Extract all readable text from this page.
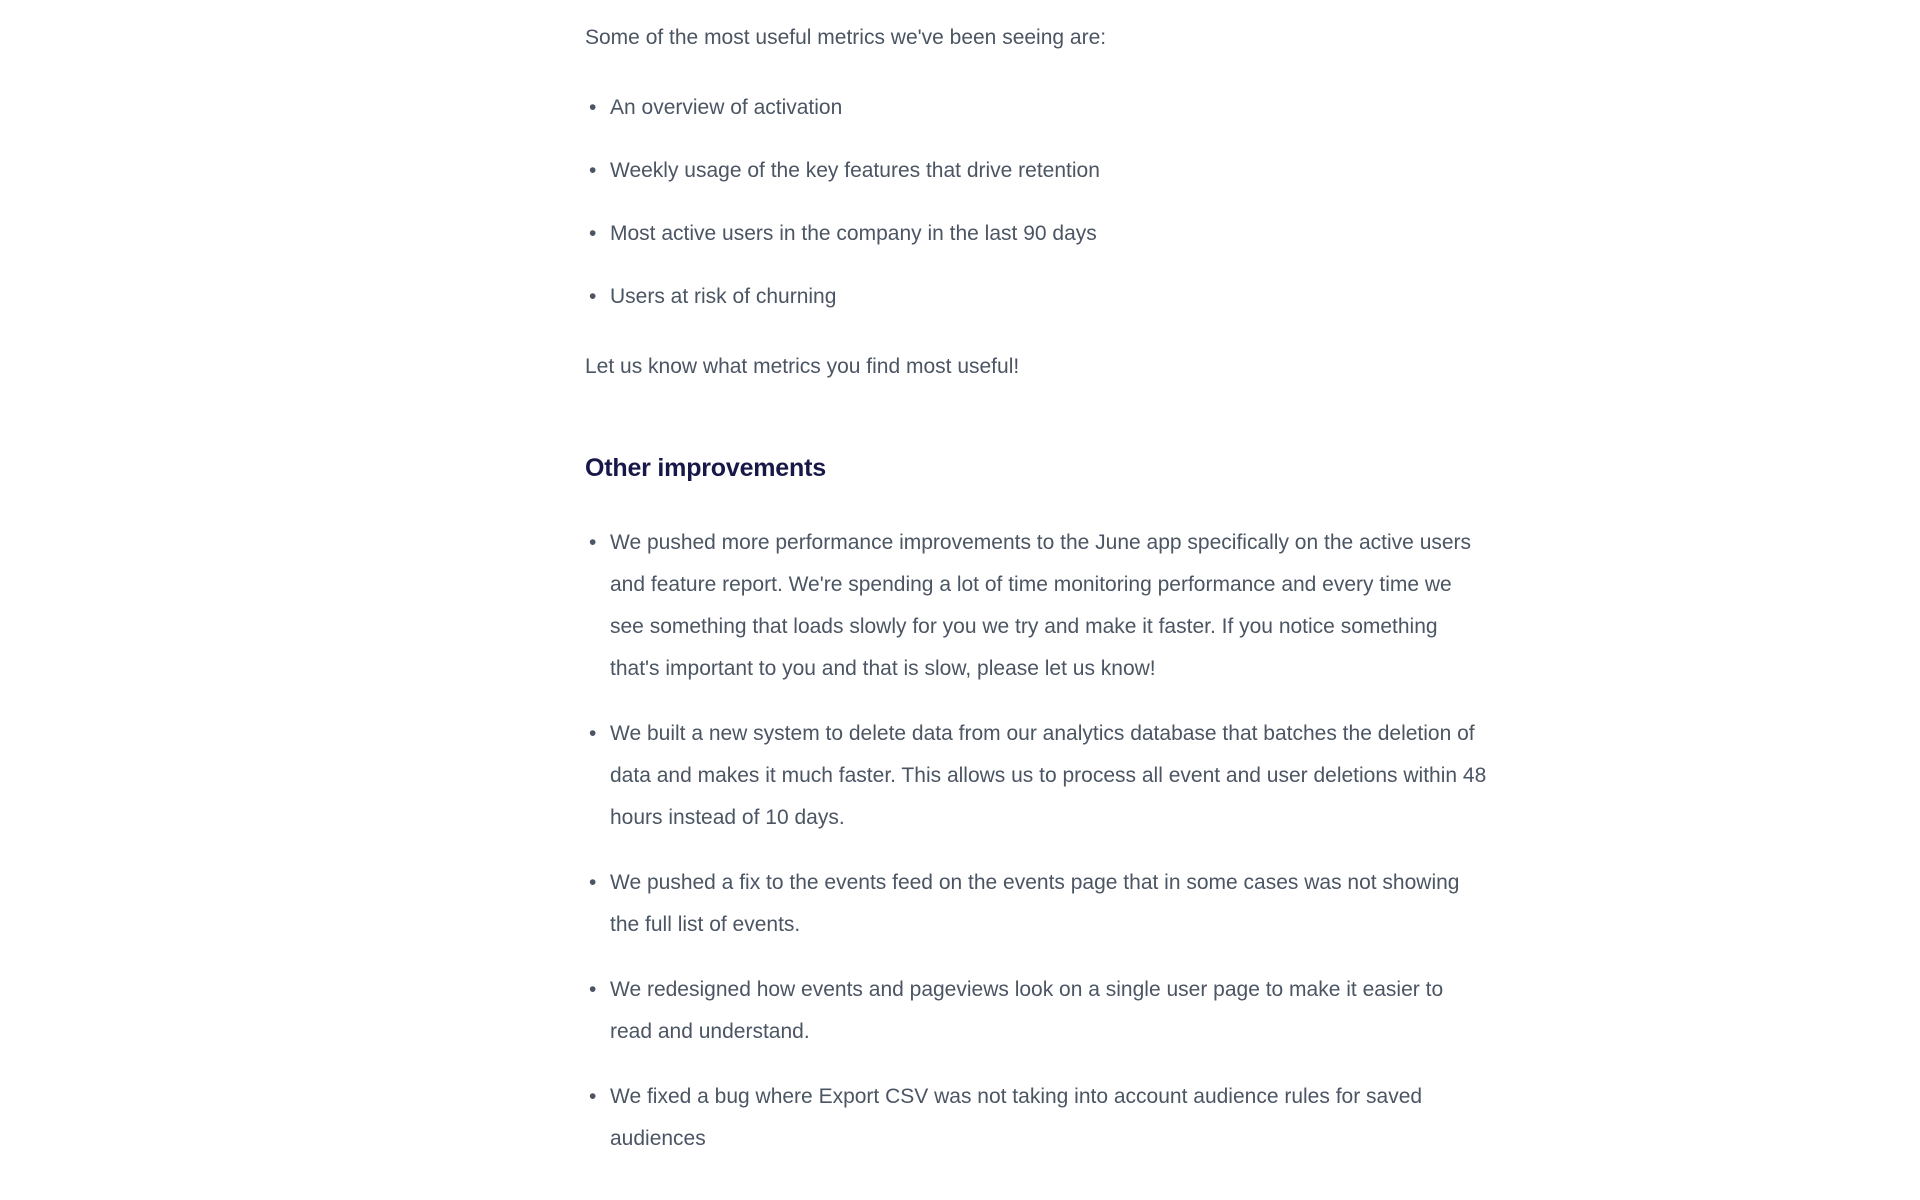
Some of the most useful metrics we've been seeing are:

• An overview of activation
• Weekly usage of the key features that drive retention
• Most active users in the company in the last 90 days
• Users at risk of churning

Let us know what metrics you find most useful!

Other improvements
• We pushed more performance improvements to the June app specifically on the active users and feature report. We're spending a lot of time monitoring performance and every time we see something that loads slowly for you we try and make it faster. If you notice something that's important to you and that is slow, please let us know!
• We built a new system to delete data from our analytics database that batches the deletion of data and makes it much faster. This allows us to process all event and user deletions within 48 hours instead of 10 days.
• We pushed a fix to the events feed on the events page that in some cases was not showing the full list of events.
• We redesigned how events and pageviews look on a single user page to make it easier to read and understand.
• We fixed a bug where Export CSV was not taking into account audience rules for saved audiences
